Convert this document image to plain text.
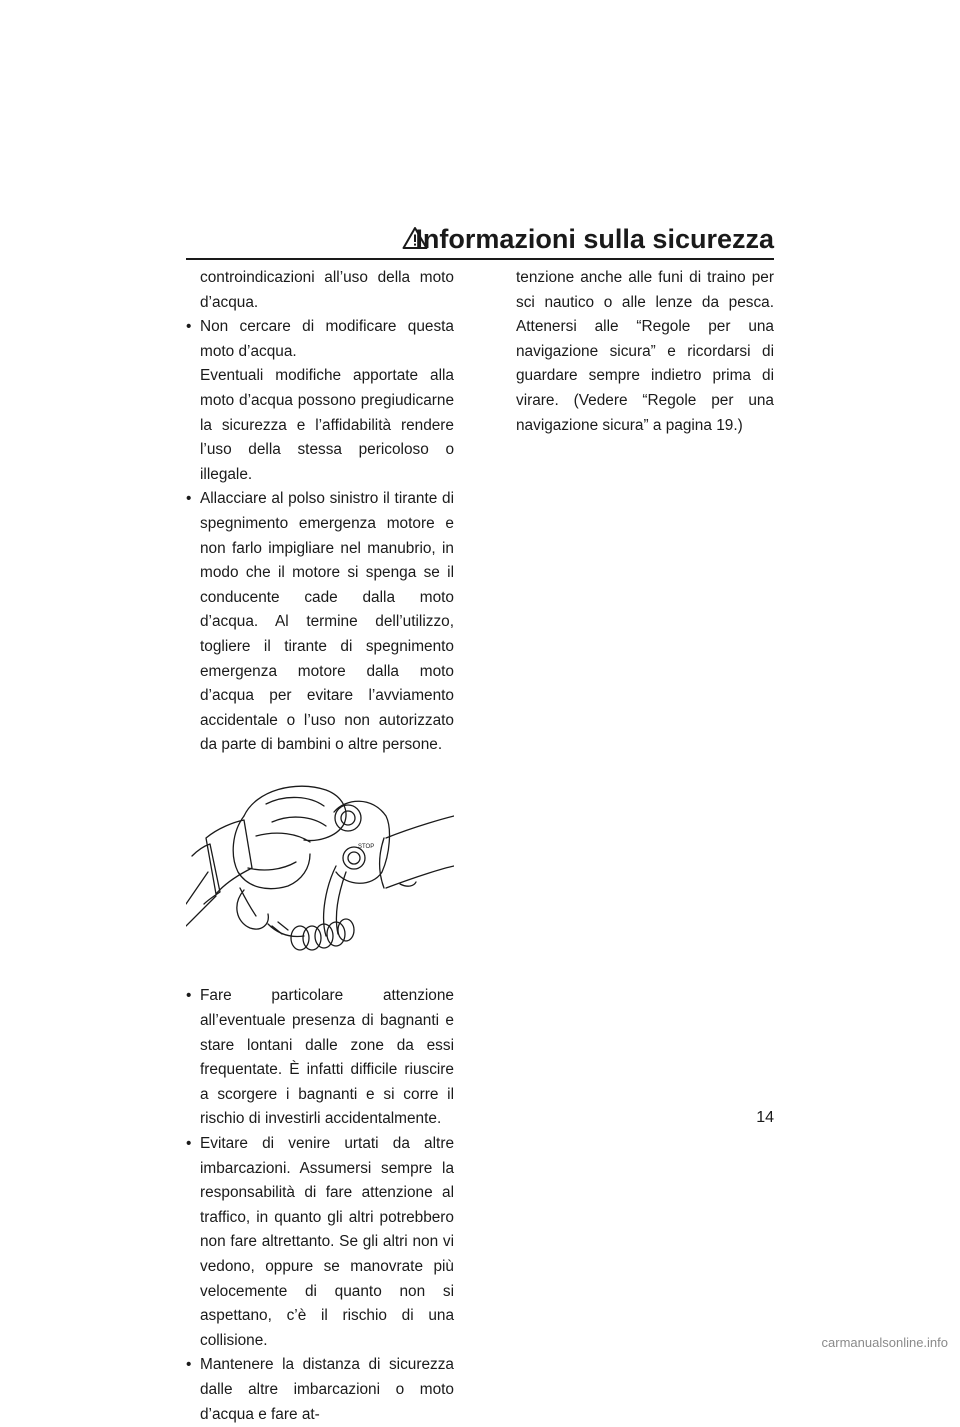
Informazioni sulla sicurezza

controindicazioni all’uso della moto d’acqua.

• Non cercare di modificare questa moto d’acqua.

Eventuali modifiche apportate alla moto d’acqua possono pregiudicarne la sicurezza e l’affidabilità rendere l’uso della stessa pericoloso o illegale.

• Allacciare al polso sinistro il tirante di spegnimento emergenza motore e non farlo impigliare nel manubrio, in modo che il motore si spenga se il conducente cade dalla moto d’acqua. Al termine dell’utilizzo, togliere il tirante di spegnimento emergenza motore dalla moto d’acqua per evitare l’avviamento accidentale o l’uso non autorizzato da parte di bambini o altre persone.

STOP

• Fare particolare attenzione all’eventuale presenza di bagnanti e stare lontani dalle zone da essi frequentate. È infatti difficile riuscire a scorgere i bagnanti e si corre il rischio di investirli accidentalmente.

• Evitare di venire urtati da altre imbarcazioni. Assumersi sempre la responsabilità di fare attenzione al traffico, in quanto gli altri potrebbero non fare altrettanto. Se gli altri non vi vedono, oppure se manovrate più velocemente di quanto non si aspettano, c’è il rischio di una collisione.

• Mantenere la distanza di sicurezza dalle altre imbarcazioni o moto d’acqua e fare at-

tenzione anche alle funi di traino per sci nautico o alle lenze da pesca. Attenersi alle “Regole per una navigazione sicura” e ricordarsi di guardare sempre indietro prima di virare. (Vedere “Regole per una navigazione sicura” a pagina 19.)

14
carmanualsonline.info
